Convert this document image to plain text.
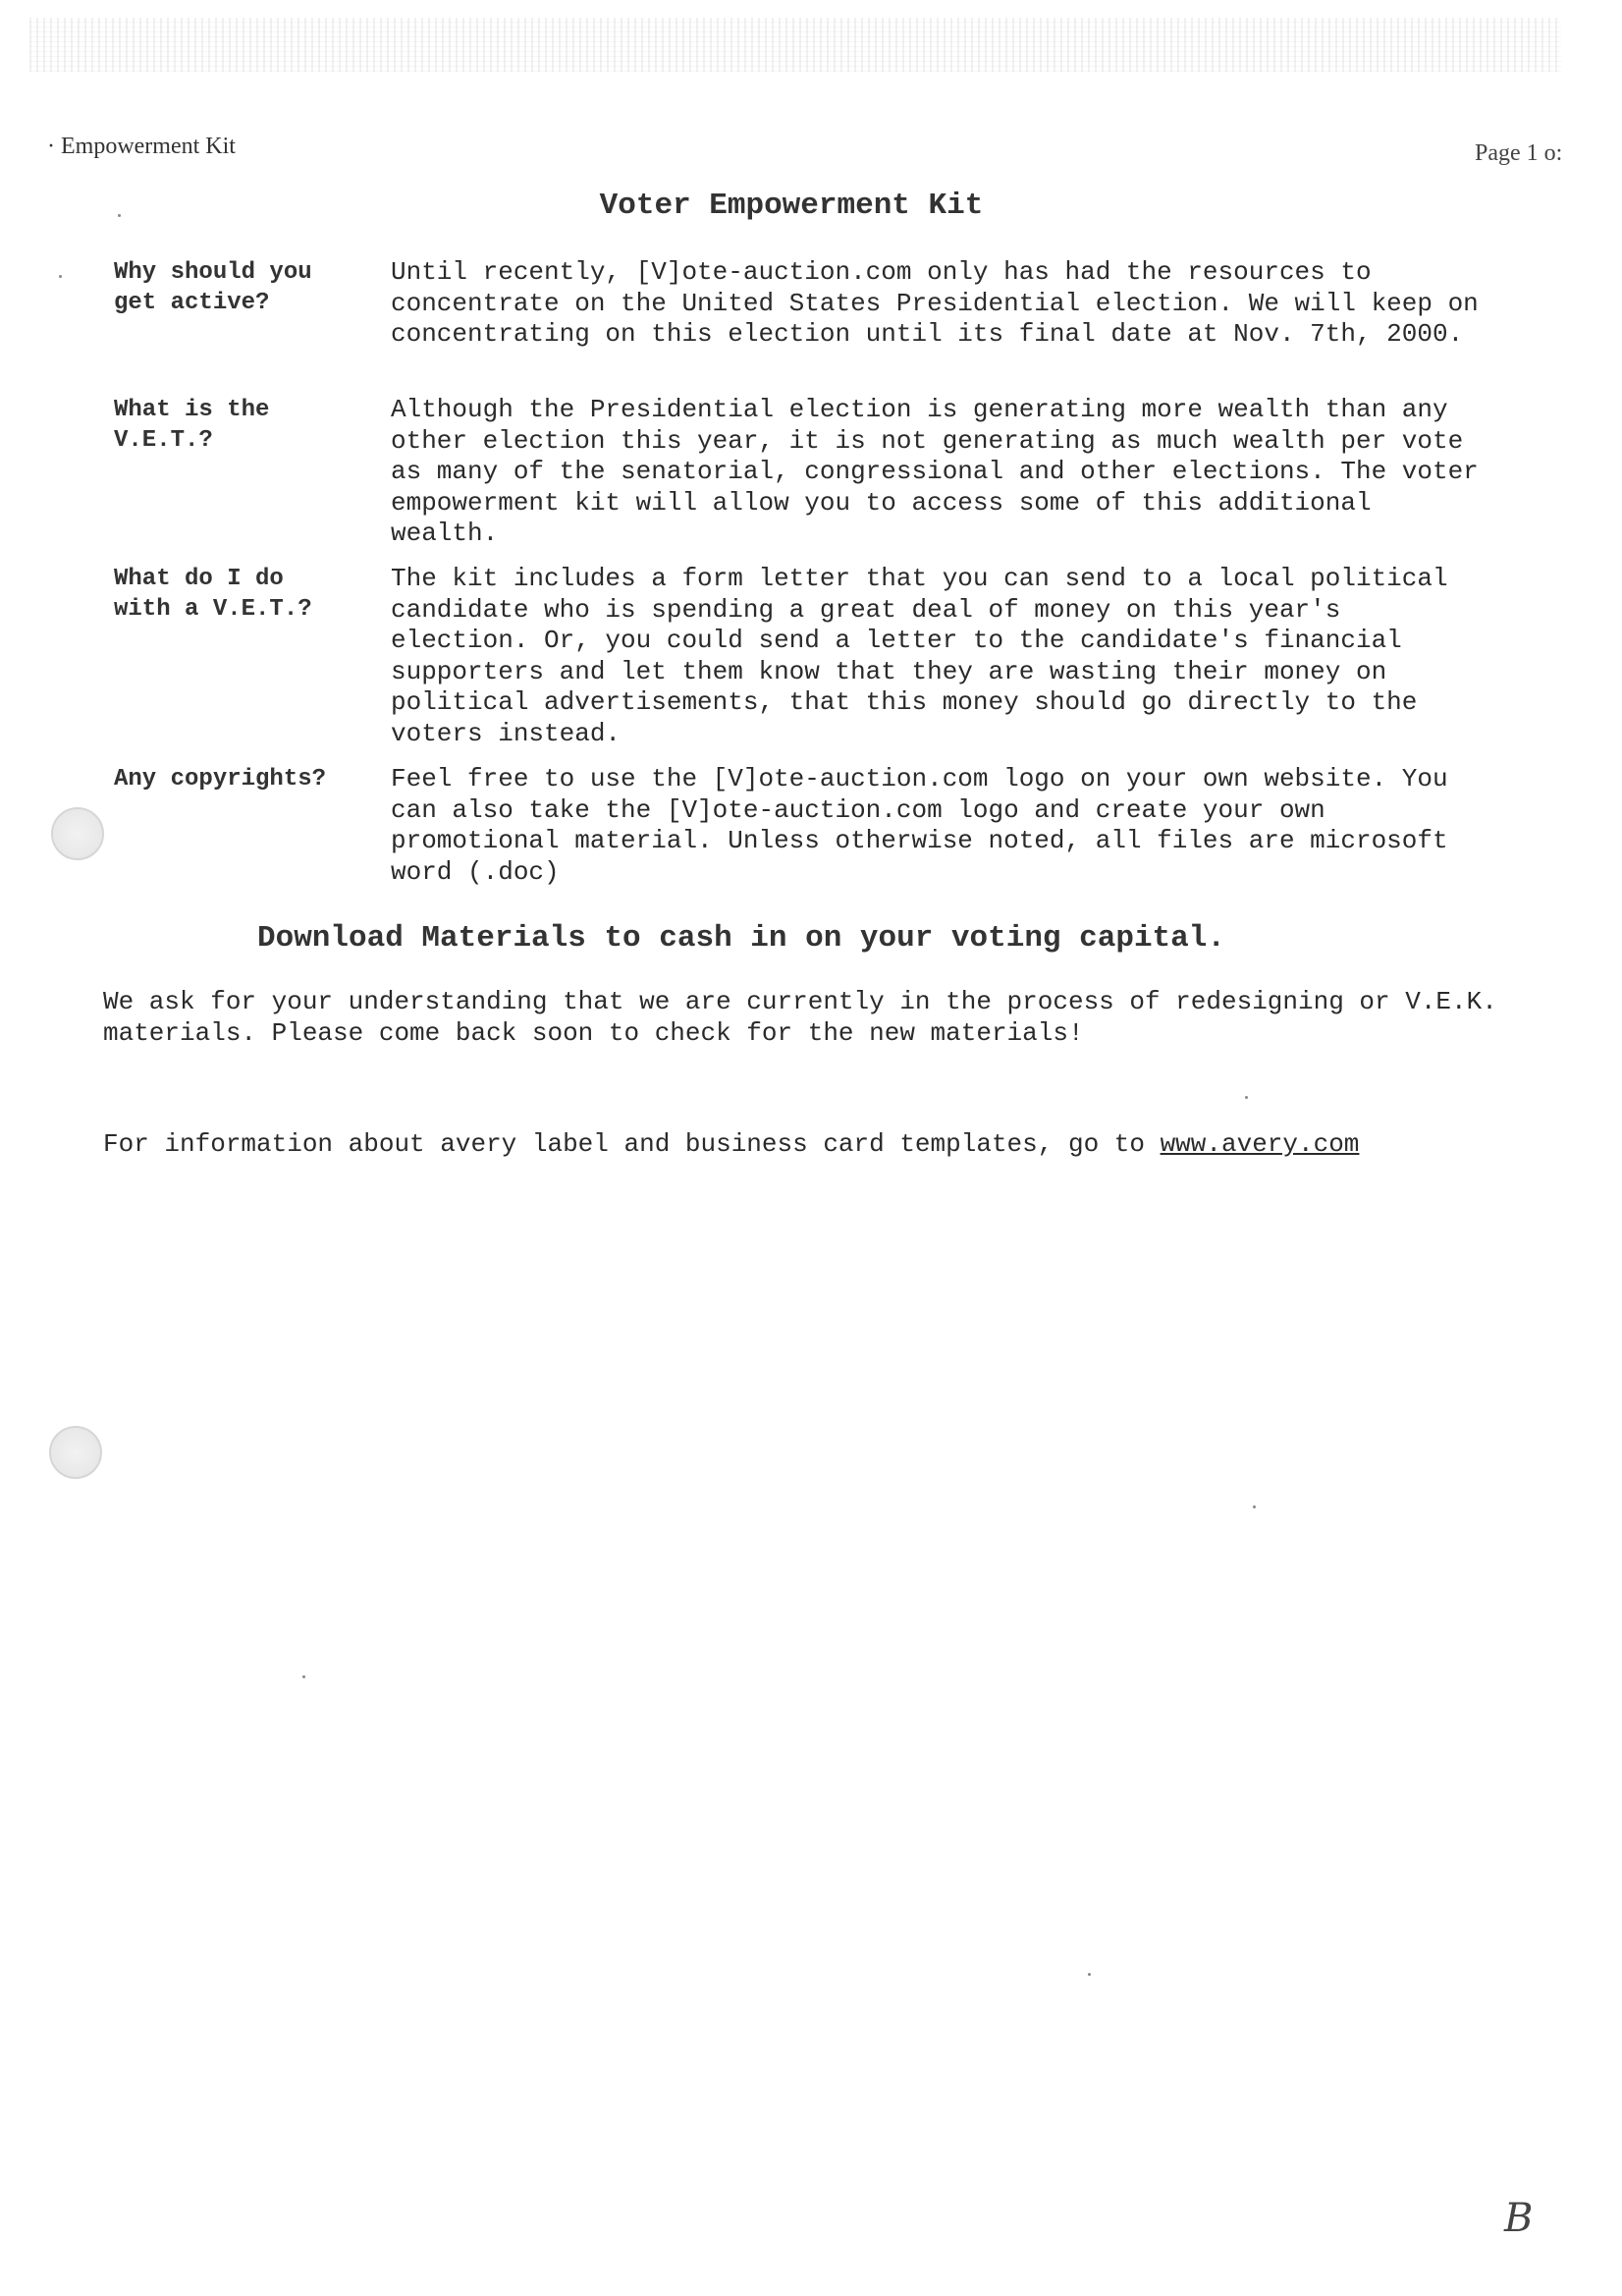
· Empowerment Kit	Page 1 o:
Voter Empowerment Kit
Why should you
get active?
Until recently, [V]ote-auction.com only has had the resources to concentrate on the United States Presidential election. We will keep on concentrating on this election until its final date at Nov. 7th, 2000.
What is the
V.E.T.?
Although the Presidential election is generating more wealth than any other election this year, it is not generating as much wealth per vote as many of the senatorial, congressional and other elections. The voter empowerment kit will allow you to access some of this additional wealth.
What do I do
with a V.E.T.?
The kit includes a form letter that you can send to a local political candidate who is spending a great deal of money on this year's election. Or, you could send a letter to the candidate's financial supporters and let them know that they are wasting their money on political advertisements, that this money should go directly to the voters instead.
Any copyrights?	Feel free to use the [V]ote-auction.com logo on your own website. You can also take the [V]ote-auction.com logo and create your own promotional material. Unless otherwise noted, all files are microsoft word (.doc)
Download Materials to cash in on your voting capital.
We ask for your understanding that we are currently in the process of redesigning or V.E.K. materials. Please come back soon to check for the new materials!
For information about avery label and business card templates, go to www.avery.com
B
